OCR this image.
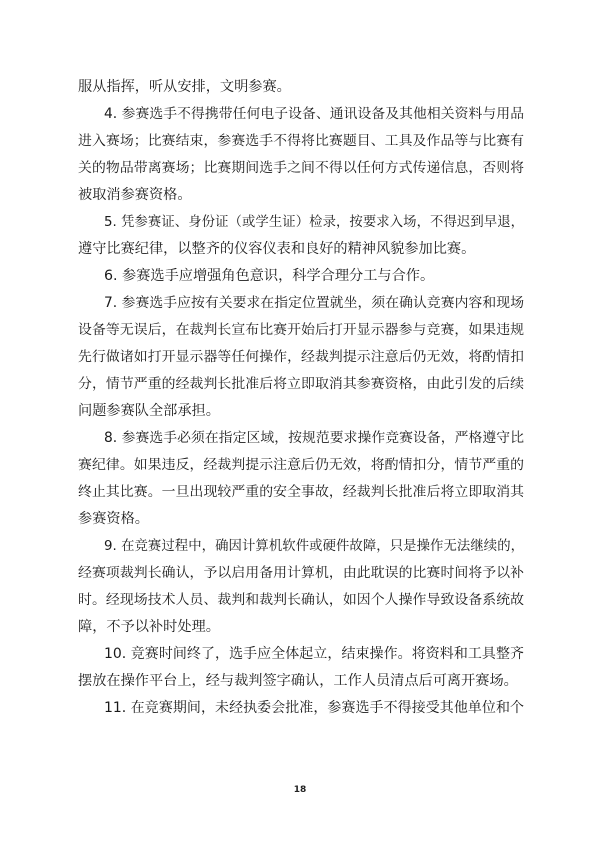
服从指挥，听从安排，文明参赛。
4. 参赛选手不得携带任何电子设备、通讯设备及其他相关资料与用品
进入赛场；比赛结束，参赛选手不得将比赛题目、工具及作品等与比赛有
关的物品带离赛场；比赛期间选手之间不得以任何方式传递信息，否则将
被取消参赛资格。
5. 凭参赛证、身份证（或学生证）检录，按要求入场，不得迟到早退，
遵守比赛纪律，以整齐的仪容仪表和良好的精神风貌参加比赛。
6. 参赛选手应增强角色意识，科学合理分工与合作。
7. 参赛选手应按有关要求在指定位置就坐，须在确认竞赛内容和现场
设备等无误后，在裁判长宣布比赛开始后打开显示器参与竞赛，如果违规
先行做诸如打开显示器等任何操作，经裁判提示注意后仍无效，将酌情扣
分，情节严重的经裁判长批准后将立即取消其参赛资格，由此引发的后续
问题参赛队全部承担。
8. 参赛选手必须在指定区域，按规范要求操作竞赛设备，严格遵守比
赛纪律。如果违反，经裁判提示注意后仍无效，将酌情扣分，情节严重的
终止其比赛。一旦出现较严重的安全事故，经裁判长批准后将立即取消其
参赛资格。
9. 在竞赛过程中，确因计算机软件或硬件故障，只是操作无法继续的，
经赛项裁判长确认，予以启用备用计算机，由此耽误的比赛时间将予以补
时。经现场技术人员、裁判和裁判长确认，如因个人操作导致设备系统故
障，不予以补时处理。
10. 竞赛时间终了，选手应全体起立，结束操作。将资料和工具整齐
摆放在操作平台上，经与裁判签字确认，工作人员清点后可离开赛场。
11. 在竞赛期间，未经执委会批准，参赛选手不得接受其他单位和个
18
